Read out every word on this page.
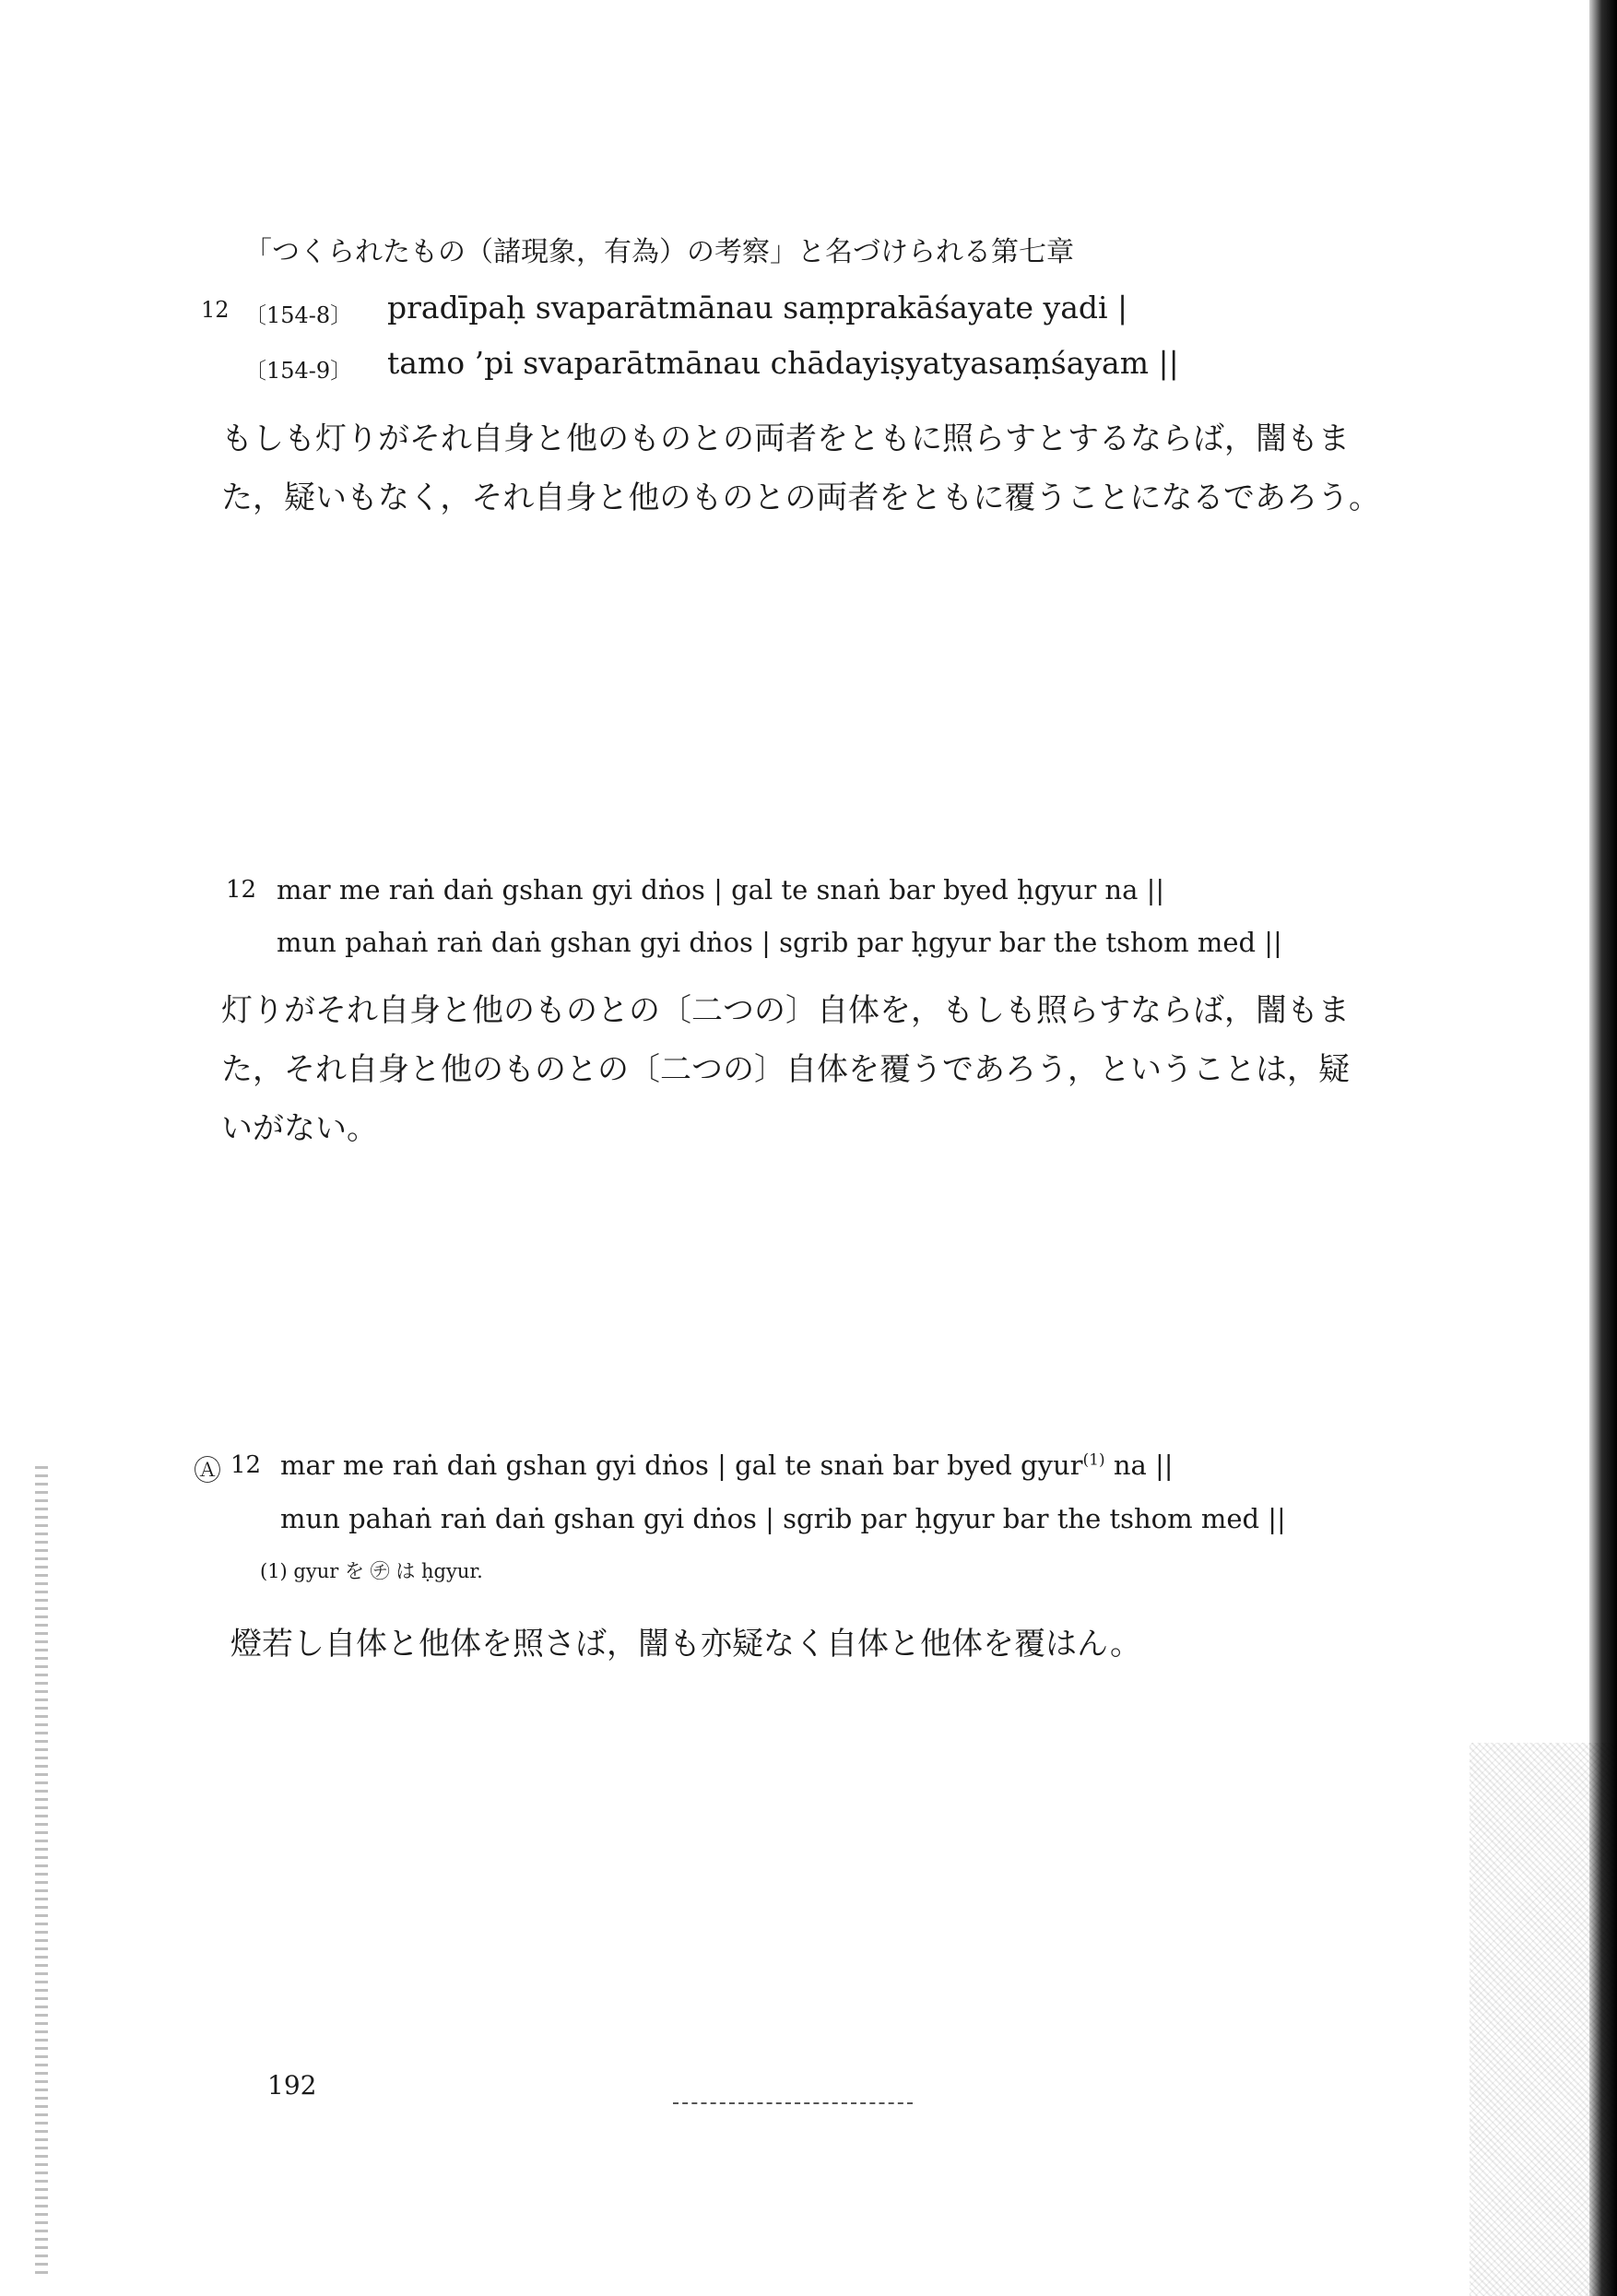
「つくられたもの（諸現象，有為）の考察」と名づけられる第七章
12 〔154-8〕 pradīpaḥ svaparātmānau saṃprakāśayate yadi |
〔154-9〕 tamo ’pi svaparātmānau chādayiṣyatyasaṃśayam ||
もしも灯りがそれ自身と他のものとの両者をともに照らすとするならば，闇もま
た，疑いもなく，それ自身と他のものとの両者をともに覆うことになるであろう。
12 mar me raṅ daṅ gshan gyi dṅos | gal te snaṅ bar byed ḥgyur na ||
mun pahaṅ raṅ daṅ gshan gyi dṅos | sgrib par ḥgyur bar the tshom med ||
灯りがそれ自身と他のものとの〔二つの〕自体を，もしも照らすならば，闇もま
た，それ自身と他のものとの〔二つの〕自体を覆うであろう，ということは，疑
いがない。
Ⓐ 12 mar me raṅ daṅ gshan gyi dṅos | gal te snaṅ bar byed gyur$^{(1)}$ na ||
mun pahaṅ raṅ daṅ gshan gyi dṅos | sgrib par ḥgyur bar the tshom med ||
(1) gyur を ㋠ は ḥgyur.
燈若し自体と他体を照さば，闇も亦疑なく自体と他体を覆はん。
192
